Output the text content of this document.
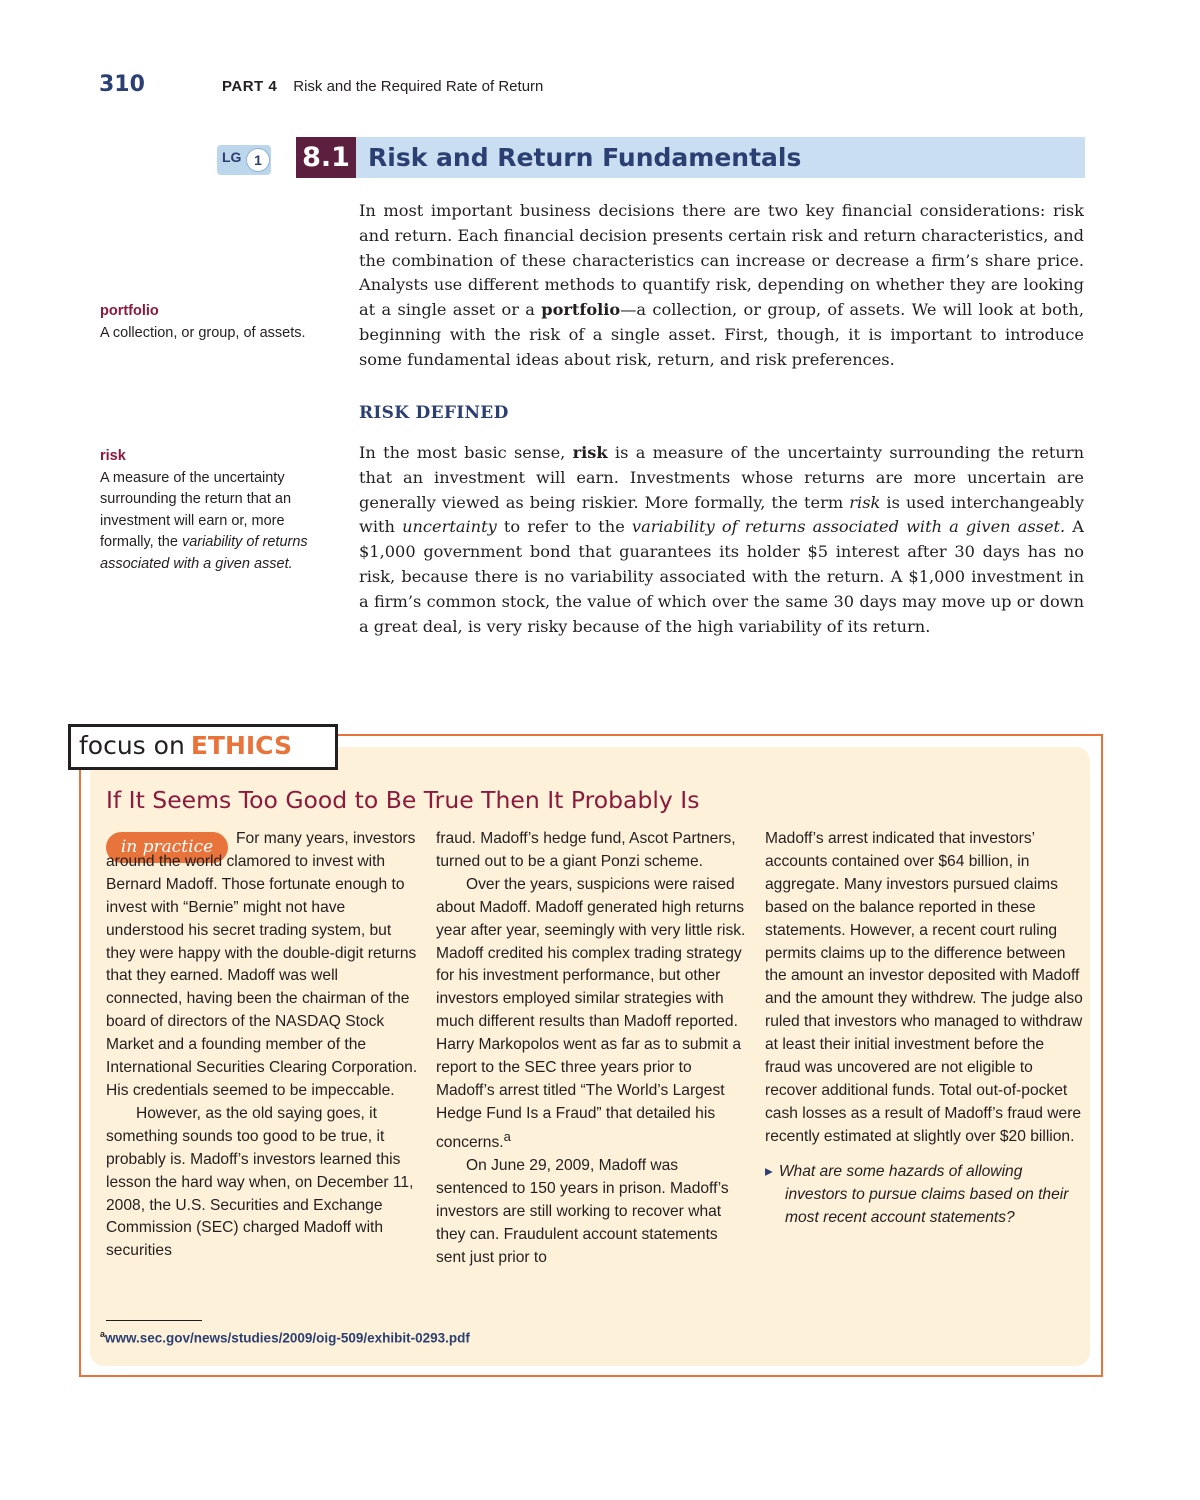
310	PART 4 Risk and the Required Rate of Return
LG 1	8.1 Risk and Return Fundamentals
In most important business decisions there are two key financial considerations: risk and return. Each financial decision presents certain risk and return characteristics, and the combination of these characteristics can increase or decrease a firm’s share price. Analysts use different methods to quantify risk, depending on whether they are looking at a single asset or a portfolio—a collection, or group, of assets. We will look at both, beginning with the risk of a single asset. First, though, it is important to introduce some fundamental ideas about risk, return, and risk preferences.
portfolio
A collection, or group, of assets.
RISK DEFINED
In the most basic sense, risk is a measure of the uncertainty surrounding the return that an investment will earn. Investments whose returns are more uncertain are generally viewed as being riskier. More formally, the term risk is used interchangeably with uncertainty to refer to the variability of returns associated with a given asset. A $1,000 government bond that guarantees its holder $5 interest after 30 days has no risk, because there is no variability associated with the return. A $1,000 investment in a firm’s common stock, the value of which over the same 30 days may move up or down a great deal, is very risky because of the high variability of its return.
risk
A measure of the uncertainty surrounding the return that an investment will earn or, more formally, the variability of returns associated with a given asset.
focus on ETHICS
If It Seems Too Good to Be True Then It Probably Is
in practice	For many years, investors around the world clamored to invest with Bernard Madoff. Those fortunate enough to invest with “Bernie” might not have understood his secret trading system, but they were happy with the double-digit returns that they earned. Madoff was well connected, having been the chairman of the board of directors of the NASDAQ Stock Market and a founding member of the International Securities Clearing Corporation. His credentials seemed to be impeccable.

However, as the old saying goes, it something sounds too good to be true, it probably is. Madoff’s investors learned this lesson the hard way when, on December 11, 2008, the U.S. Securities and Exchange Commission (SEC) charged Madoff with securities

fraud. Madoff’s hedge fund, Ascot Partners, turned out to be a giant Ponzi scheme.

Over the years, suspicions were raised about Madoff. Madoff generated high returns year after year, seemingly with very little risk. Madoff credited his complex trading strategy for his investment performance, but other investors employed similar strategies with much different results than Madoff reported. Harry Markopolos went as far as to submit a report to the SEC three years prior to Madoff’s arrest titled “The World’s Largest Hedge Fund Is a Fraud” that detailed his concerns.$^a$

On June 29, 2009, Madoff was sentenced to 150 years in prison. Madoff’s investors are still working to recover what they can. Fraudulent account statements sent just prior to

Madoff’s arrest indicated that investors’ accounts contained over $64 billion, in aggregate. Many investors pursued claims based on the balance reported in these statements. However, a recent court ruling permits claims up to the difference between the amount an investor deposited with Madoff and the amount they withdrew. The judge also ruled that investors who managed to withdraw at least their initial investment before the fraud was uncovered are not eligible to recover additional funds. Total out-of-pocket cash losses as a result of Madoff’s fraud were recently estimated at slightly over $20 billion.

▸ What are some hazards of allowing investors to pursue claims based on their most recent account statements?

$^a$www.sec.gov/news/studies/2009/oig-509/exhibit-0293.pdf
